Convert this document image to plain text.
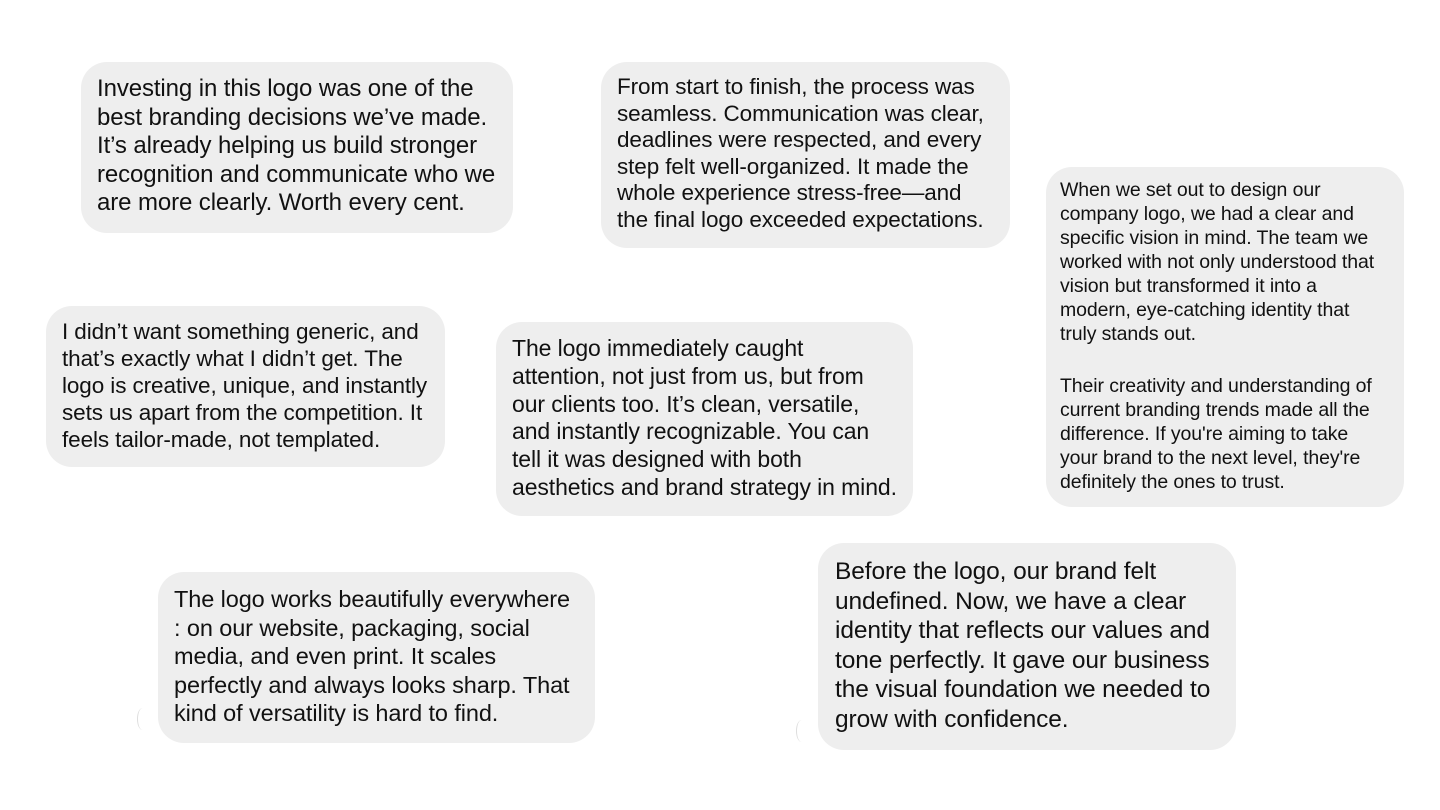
Investing in this logo was one of the best branding decisions we’ve made. It’s already helping us build stronger recognition and communicate who we are more clearly. Worth every cent.

From start to finish, the process was seamless. Communication was clear, deadlines were respected, and every step felt well-organized. It made the whole experience stress-free—and the final logo exceeded expectations.

When we set out to design our company logo, we had a clear and specific vision in mind. The team we worked with not only understood that vision but transformed it into a modern, eye-catching identity that truly stands out.

Their creativity and understanding of current branding trends made all the difference. If you're aiming to take your brand to the next level, they're definitely the ones to trust.

I didn’t want something generic, and that’s exactly what I didn’t get. The logo is creative, unique, and instantly sets us apart from the competition. It feels tailor-made, not templated.

The logo immediately caught attention, not just from us, but from our clients too. It’s clean, versatile, and instantly recognizable. You can tell it was designed with both aesthetics and brand strategy in mind.

The logo works beautifully everywhere : on our website, packaging, social media, and even print. It scales perfectly and always looks sharp. That kind of versatility is hard to find.

Before the logo, our brand felt undefined. Now, we have a clear identity that reflects our values and tone perfectly. It gave our business the visual foundation we needed to grow with confidence.
